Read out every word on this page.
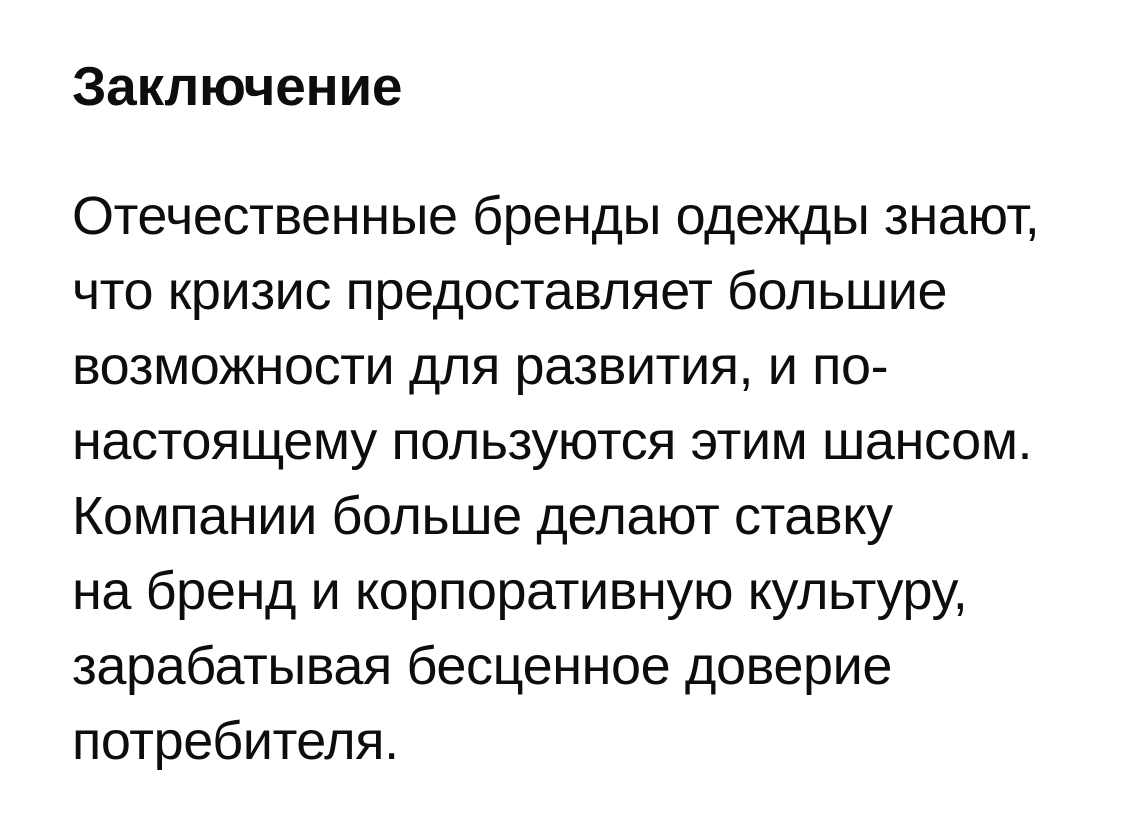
Заключение
Отечественные бренды одежды знают,
что кризис предоставляет большие
возможности для развития, и по-
настоящему пользуются этим шансом.
Компании больше делают ставку
на бренд и корпоративную культуру,
зарабатывая бесценное доверие
потребителя.
